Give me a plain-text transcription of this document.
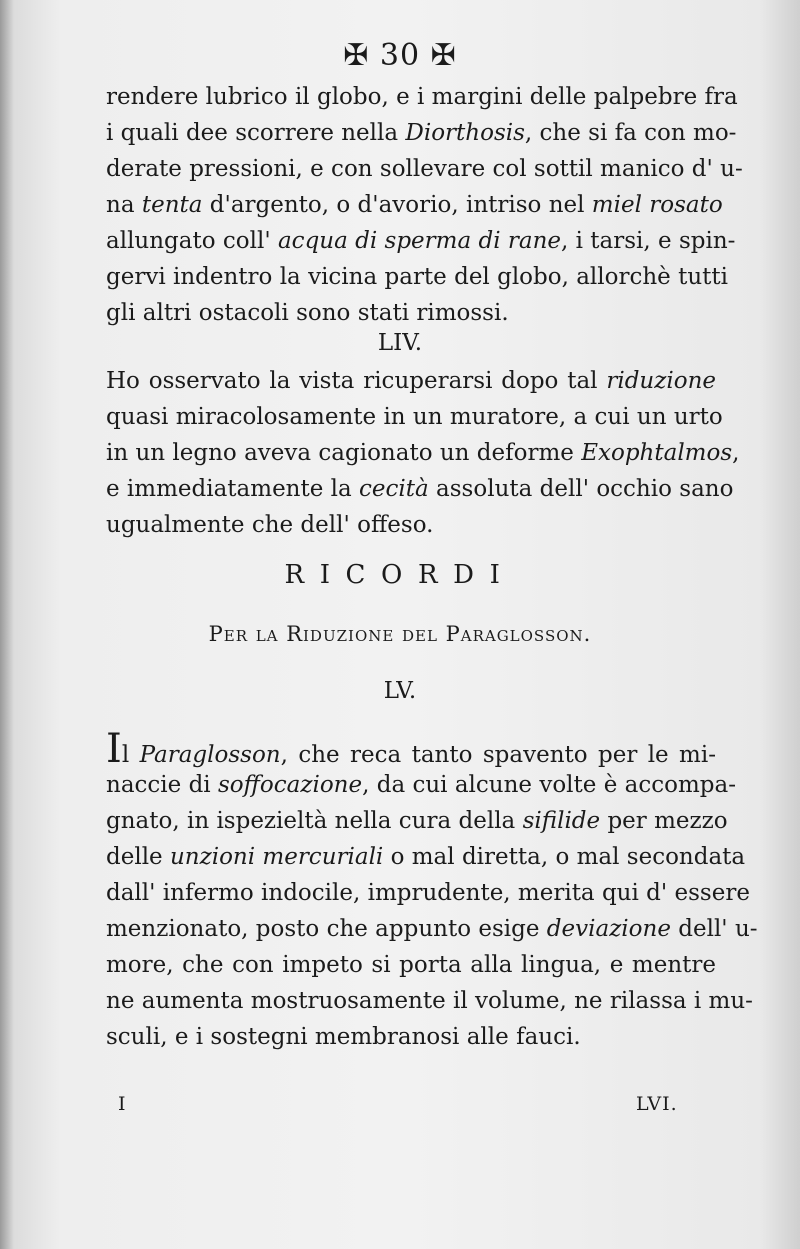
✠ 30 ✠
rendere lubrico il globo, e i margini delle palpebre fra
i quali dee scorrere nella Diorthosis, che si fa con mo-
derate pressioni, e con sollevare col sottil manico d' u-
na tenta d'argento, o d'avorio, intriso nel miel rosato
allungato coll' acqua di sperma di rane, i tarsi, e spin-
gervi indentro la vicina parte del globo, allorchè tutti
gli altri ostacoli sono stati rimossi.
LIV.
Ho osservato la vista ricuperarsi dopo tal riduzione
quasi miracolosamente in un muratore, a cui un urto
in un legno aveva cagionato un deforme Exophtalmos,
e immediatamente la cecità assoluta dell' occhio sano
ugualmente che dell' offeso.
RICORDI
Per la Riduzione del Paraglosson.
LV.
Il Paraglosson, che reca tanto spavento per le mi-
naccie di soffocazione, da cui alcune volte è accompa-
gnato, in ispezieltà nella cura della sifilide per mezzo
delle unzioni mercuriali o mal diretta, o mal secondata
dall' infermo indocile, imprudente, merita qui d' essere
menzionato, posto che appunto esige deviazione dell' u-
more, che con impeto si porta alla lingua, e mentre
ne aumenta mostruosamente il volume, ne rilassa i mu-
sculi, e i sostegni membranosi alle fauci.
I	LVI.
